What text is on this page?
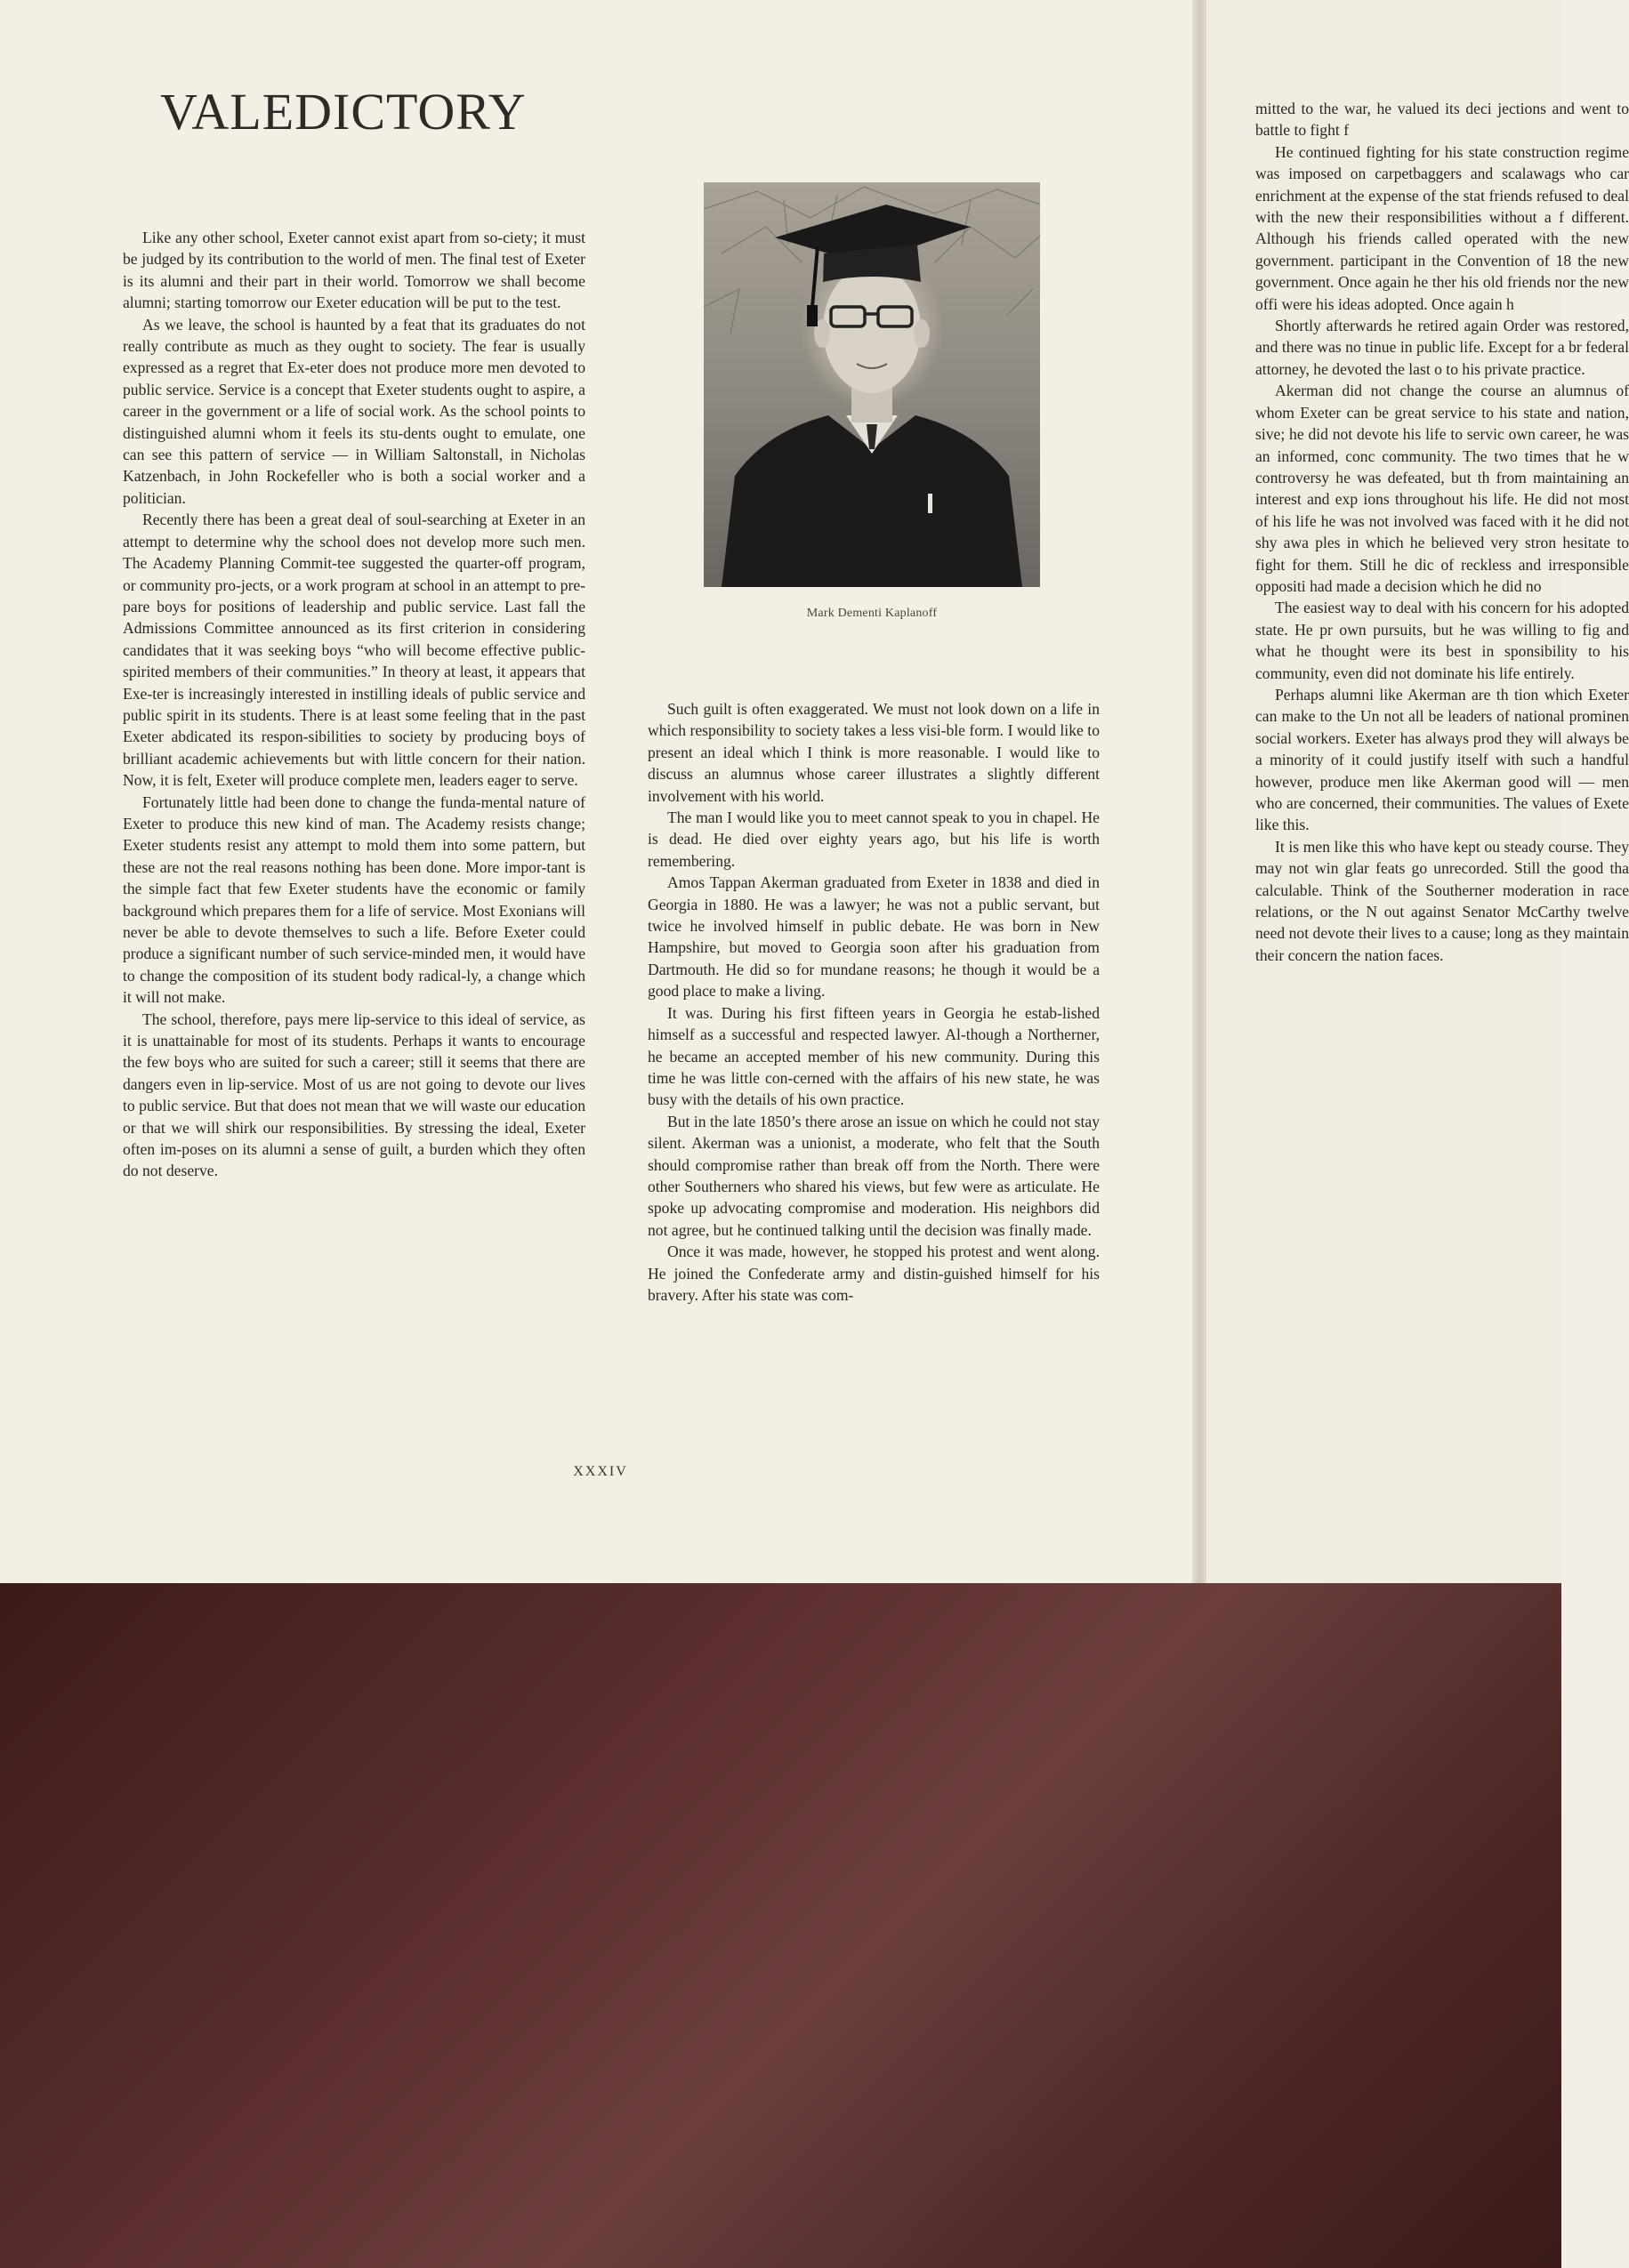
VALEDICTORY

Like any other school, Exeter cannot exist apart from so-ciety; it must be judged by its contribution to the world of men. The final test of Exeter is its alumni and their part in their world. Tomorrow we shall become alumni; starting tomorrow our Exeter education will be put to the test.

As we leave, the school is haunted by a feat that its graduates do not really contribute as much as they ought to society. The fear is usually expressed as a regret that Ex-eter does not produce more men devoted to public service. Service is a concept that Exeter students ought to aspire, a career in the government or a life of social work. As the school points to distinguished alumni whom it feels its stu-dents ought to emulate, one can see this pattern of service — in William Saltonstall, in Nicholas Katzenbach, in John Rockefeller who is both a social worker and a politician.

Recently there has been a great deal of soul-searching at Exeter in an attempt to determine why the school does not develop more such men. The Academy Planning Commit-tee suggested the quarter-off program, or community pro-jects, or a work program at school in an attempt to pre-pare boys for positions of leadership and public service. Last fall the Admissions Committee announced as its first criterion in considering candidates that it was seeking boys “who will become effective public-spirited members of their communities.” In theory at least, it appears that Exe-ter is increasingly interested in instilling ideals of public service and public spirit in its students. There is at least some feeling that in the past Exeter abdicated its respon-sibilities to society by producing boys of brilliant academic achievements but with little concern for their nation. Now, it is felt, Exeter will produce complete men, leaders eager to serve.

Fortunately little had been done to change the funda-mental nature of Exeter to produce this new kind of man. The Academy resists change; Exeter students resist any attempt to mold them into some pattern, but these are not the real reasons nothing has been done. More impor-tant is the simple fact that few Exeter students have the economic or family background which prepares them for a life of service. Most Exonians will never be able to devote themselves to such a life. Before Exeter could produce a significant number of such service-minded men, it would have to change the composition of its student body radical-ly, a change which it will not make.

The school, therefore, pays mere lip-service to this ideal of service, as it is unattainable for most of its students. Perhaps it wants to encourage the few boys who are suited for such a career; still it seems that there are dangers even in lip-service. Most of us are not going to devote our lives to public service. But that does not mean that we will waste our education or that we will shirk our responsibilities. By stressing the ideal, Exeter often im-poses on its alumni a sense of guilt, a burden which they often do not deserve.

Mark Dementi Kaplanoff

Such guilt is often exaggerated. We must not look down on a life in which responsibility to society takes a less visi-ble form. I would like to present an ideal which I think is more reasonable. I would like to discuss an alumnus whose career illustrates a slightly different involvement with his world.

The man I would like you to meet cannot speak to you in chapel. He is dead. He died over eighty years ago, but his life is worth remembering.

Amos Tappan Akerman graduated from Exeter in 1838 and died in Georgia in 1880. He was a lawyer; he was not a public servant, but twice he involved himself in public debate. He was born in New Hampshire, but moved to Georgia soon after his graduation from Dartmouth. He did so for mundane reasons; he though it would be a good place to make a living.

It was. During his first fifteen years in Georgia he estab-lished himself as a successful and respected lawyer. Al-though a Northerner, he became an accepted member of his new community. During this time he was little con-cerned with the affairs of his new state, he was busy with the details of his own practice.

But in the late 1850’s there arose an issue on which he could not stay silent. Akerman was a unionist, a moderate, who felt that the South should compromise rather than break off from the North. There were other Southerners who shared his views, but few were as articulate. He spoke up advocating compromise and moderation. His neighbors did not agree, but he continued talking until the decision was finally made.

Once it was made, however, he stopped his protest and went along. He joined the Confederate army and distin-guished himself for his bravery. After his state was com-

XXXIV

mitted to the war, he valued its deci jections and went to battle to fight f

He continued fighting for his state construction regime was imposed on carpetbaggers and scalawags who car enrichment at the expense of the stat friends refused to deal with the new their responsibilities without a f different. Although his friends called operated with the new government. participant in the Convention of 18 the new government. Once again he ther his old friends nor the new offi were his ideas adopted. Once again h

Shortly afterwards he retired again Order was restored, and there was no tinue in public life. Except for a br federal attorney, he devoted the last o to his private practice.

Akerman did not change the course an alumnus of whom Exeter can be great service to his state and nation, sive; he did not devote his life to servic own career, he was an informed, conc community. The two times that he w controversy he was defeated, but th from maintaining an interest and exp ions throughout his life. He did not most of his life he was not involved was faced with it he did not shy awa ples in which he believed very stron hesitate to fight for them. Still he dic of reckless and irresponsible oppositi had made a decision which he did no

The easiest way to deal with his concern for his adopted state. He pr own pursuits, but he was willing to fig and what he thought were its best in sponsibility to his community, even did not dominate his life entirely.

Perhaps alumni like Akerman are th tion which Exeter can make to the Un not all be leaders of national prominen social workers. Exeter has always prod they will always be a minority of it could justify itself with such a handful however, produce men like Akerman good will — men who are concerned, their communities. The values of Exete like this.

It is men like this who have kept ou steady course. They may not win glar feats go unrecorded. Still the good tha calculable. Think of the Southerner moderation in race relations, or the N out against Senator McCarthy twelve need not devote their lives to a cause; long as they maintain their concern the nation faces.
